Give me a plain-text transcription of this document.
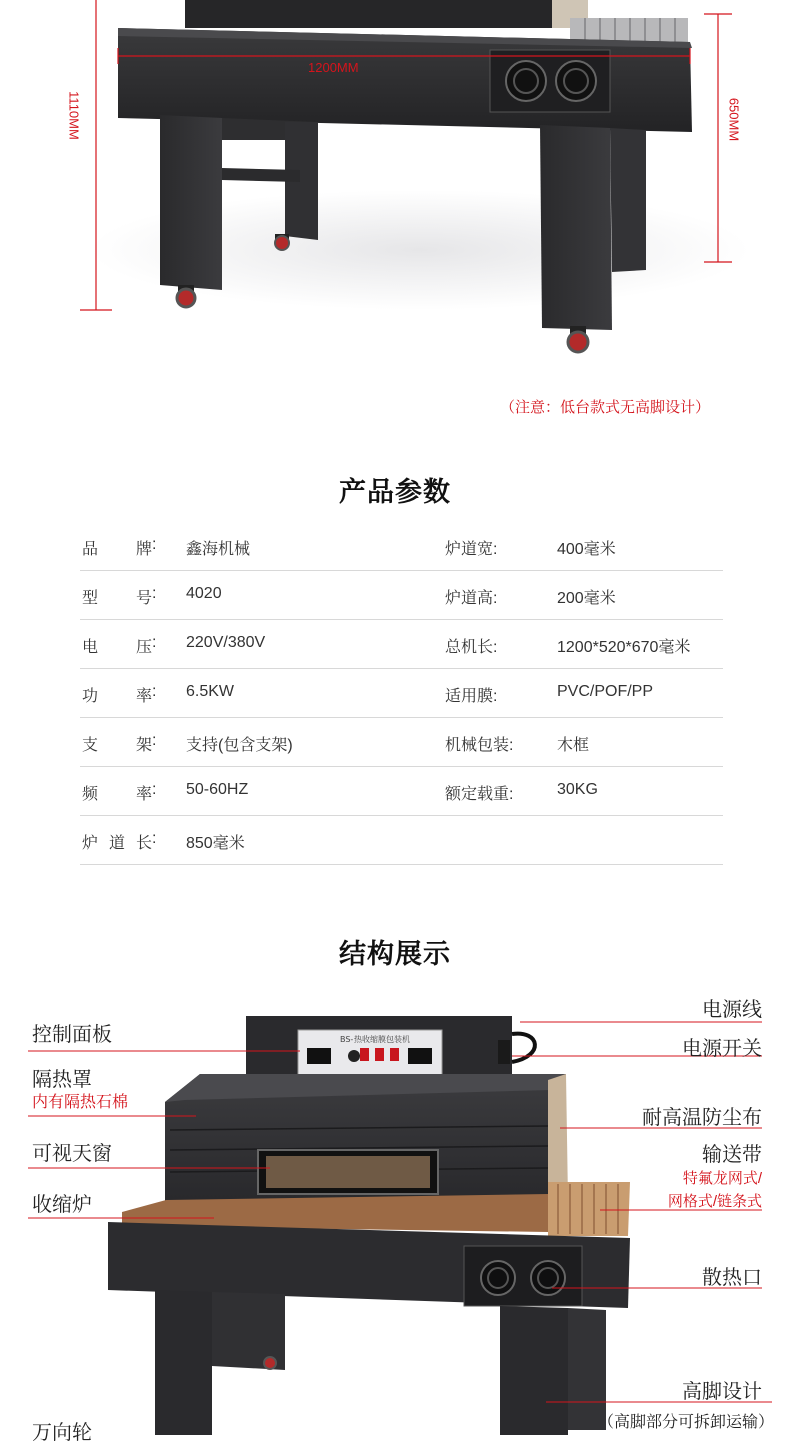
1200MM
1110MM	650MM
（注意：低台款式无高脚设计）
产品参数
品　牌 : 鑫海机械	炉道宽:	400毫米
型　号 : 4020	炉道高:	200毫米
电　压 : 220V/380V	总机长:	1200*520*670毫米
功　率 : 6.5KW	适用膜:	PVC/POF/PP
支　架 : 支持(包含支架)	机械包装:	木框
频　率 : 50-60HZ	额定载重:	30KG
炉道长 : 850毫米
结构展示
BS- 热收缩膜包装机
控制面板
隔热罩
内有隔热石棉
可视天窗
收缩炉
万向轮
电源线
电源开关
耐高温防尘布
输送带
特氟龙网式/
网格式/链条式
散热口
高脚设计
（高脚部分可拆卸运输）
